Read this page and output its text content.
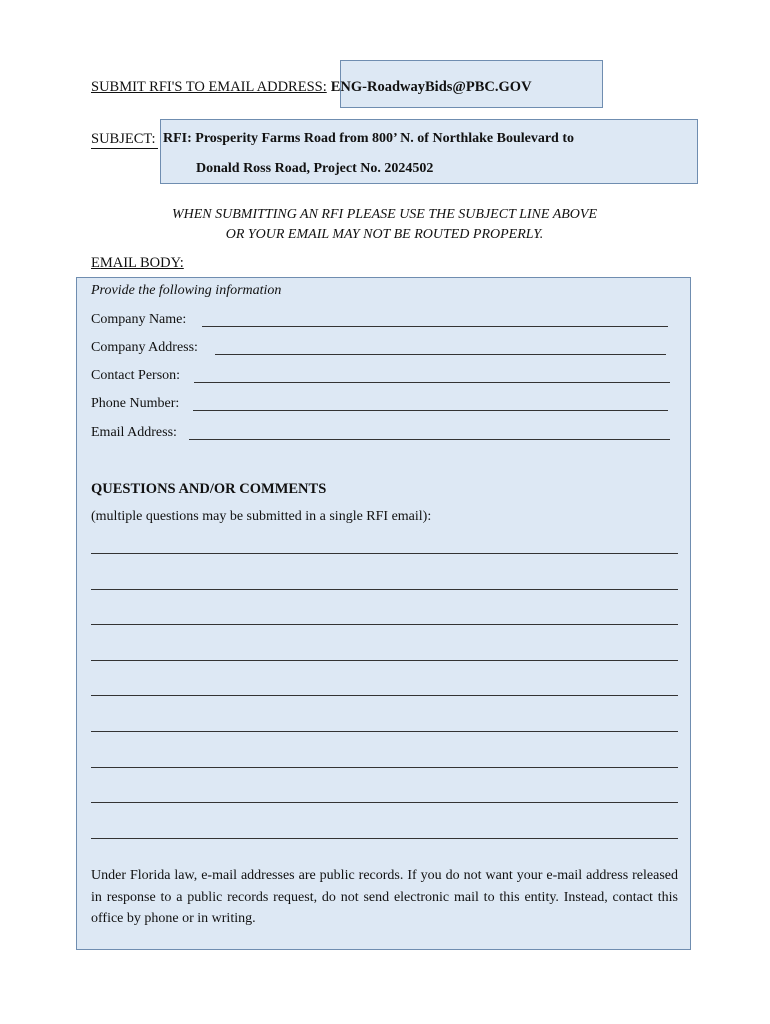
SUBMIT RFI'S TO EMAIL ADDRESS: ENG-RoadwayBids@PBC.GOV
SUBJECT: RFI: Prosperity Farms Road from 800’ N. of Northlake Boulevard to
Donald Ross Road, Project No. 2024502
WHEN SUBMITTING AN RFI PLEASE USE THE SUBJECT LINE ABOVE
OR YOUR EMAIL MAY NOT BE ROUTED PROPERLY.
EMAIL BODY:
Provide the following information
Company Name:
Company Address:
Contact Person:
Phone Number:
Email Address:
QUESTIONS AND/OR COMMENTS
(multiple questions may be submitted in a single RFI email):
Under Florida law, e-mail addresses are public records. If you do not want your e-mail address released in response to a public records request, do not send electronic mail to this entity. Instead, contact this office by phone or in writing.
